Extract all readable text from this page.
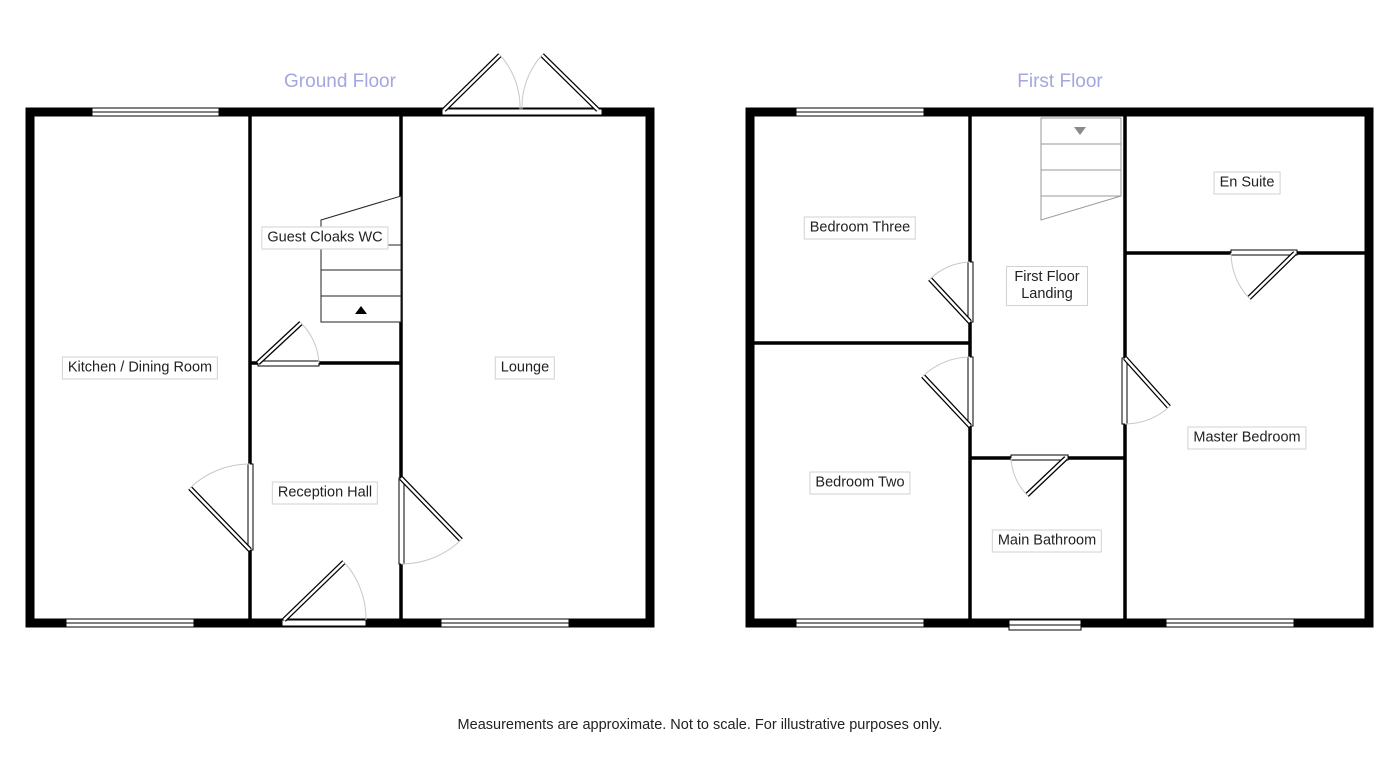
Ground Floor	First Floor
Kitchen / Dining Room
Guest Cloaks WC
Reception Hall
Lounge
Bedroom Three
First Floor Landing
En Suite
Bedroom Two
Main Bathroom
Master Bedroom
Measurements are approximate. Not to scale. For illustrative purposes only.
